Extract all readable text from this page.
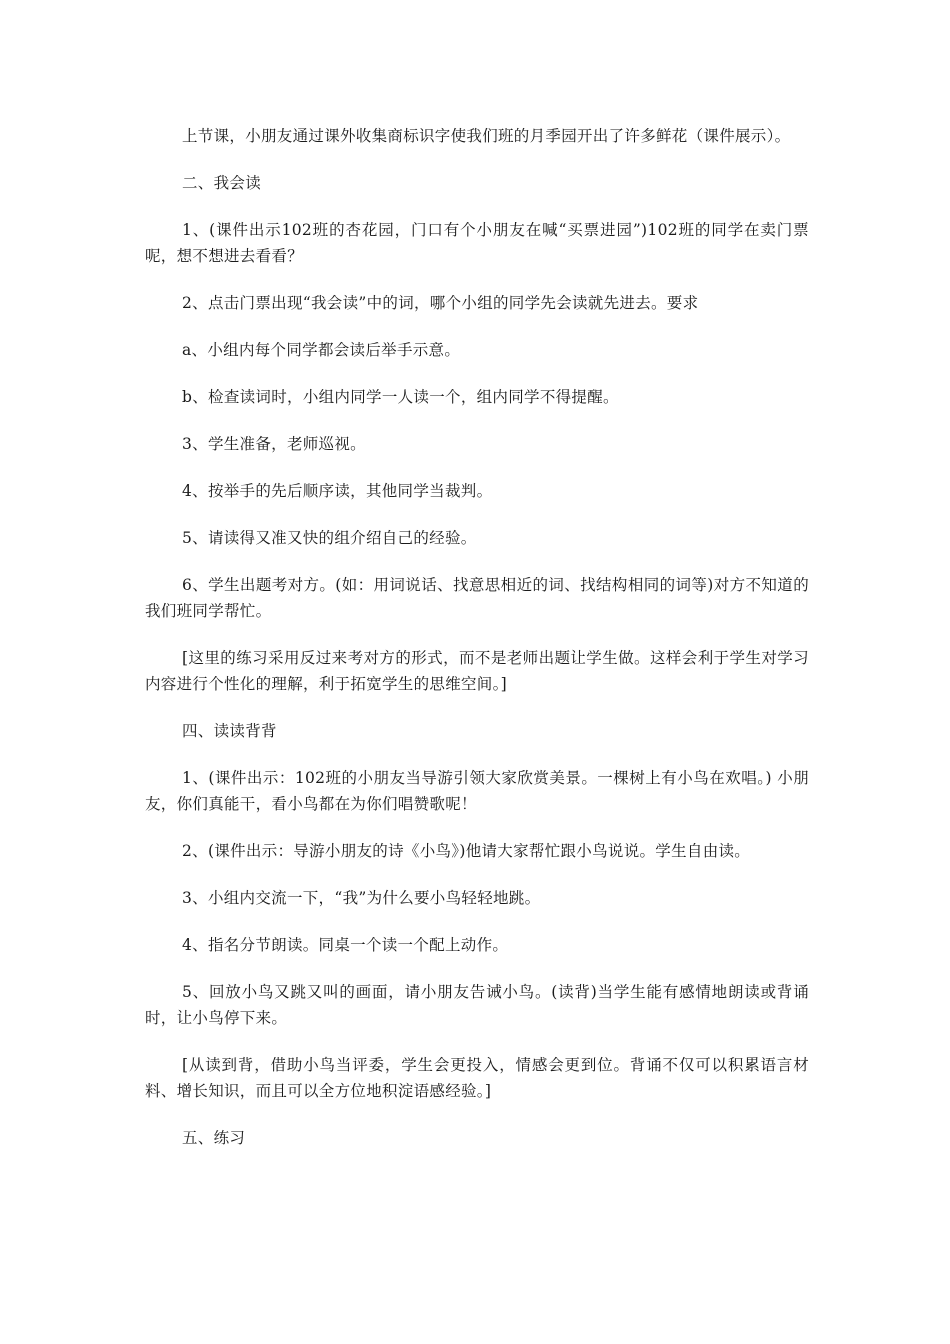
上节课，小朋友通过课外收集商标识字使我们班的月季园开出了许多鲜花（课件展示）。

二、我会读

1、(课件出示102班的杏花园，门口有个小朋友在喊“买票进园”)102班的同学在卖门票呢，想不想进去看看？

2、点击门票出现“我会读”中的词，哪个小组的同学先会读就先进去。要求

a、小组内每个同学都会读后举手示意。

b、检查读词时，小组内同学一人读一个，组内同学不得提醒。

3、学生准备，老师巡视。

4、按举手的先后顺序读，其他同学当裁判。

5、请读得又准又快的组介绍自己的经验。

6、学生出题考对方。(如：用词说话、找意思相近的词、找结构相同的词等)对方不知道的我们班同学帮忙。

[这里的练习采用反过来考对方的形式，而不是老师出题让学生做。这样会利于学生对学习内容进行个性化的理解，利于拓宽学生的思维空间。]

四、读读背背

1、(课件出示：102班的小朋友当导游引领大家欣赏美景。一棵树上有小鸟在欢唱。) 小朋友，你们真能干，看小鸟都在为你们唱赞歌呢！

2、(课件出示：导游小朋友的诗《小鸟》)他请大家帮忙跟小鸟说说。学生自由读。

3、小组内交流一下，“我”为什么要小鸟轻轻地跳。

4、指名分节朗读。同桌一个读一个配上动作。

5、回放小鸟又跳又叫的画面，请小朋友告诫小鸟。(读背)当学生能有感情地朗读或背诵时，让小鸟停下来。

[从读到背，借助小鸟当评委，学生会更投入，情感会更到位。背诵不仅可以积累语言材料、增长知识，而且可以全方位地积淀语感经验。]

五、练习
